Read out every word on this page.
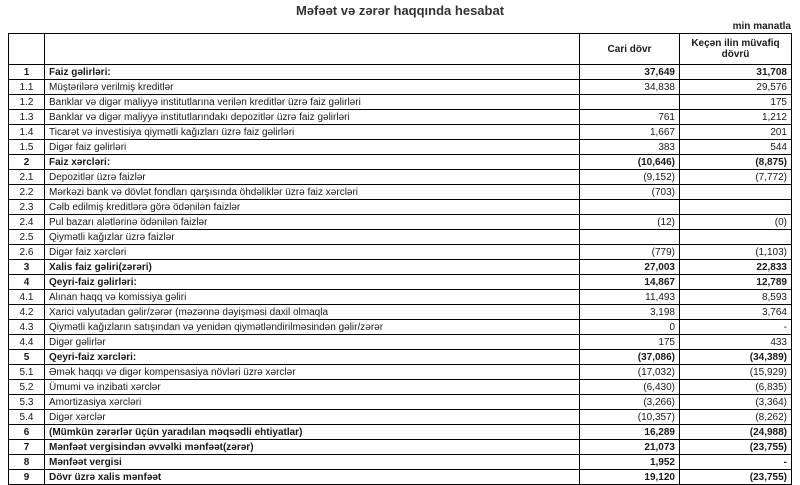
Məfəət və zərər haqqında hesabat
min manatla
		Cari dövr	Keçən ilin müvafiq dövrü
1	Faiz gəlirləri:	37,649	31,708
1.1	Müştərilərə verilmiş kreditlər	34,838	29,576
1.2	Banklar və digər maliyyə institutlarına verilən kreditlər üzrə faiz gəlirləri		175
1.3	Banklar və digər maliyyə institutlarındakı depozitlər üzrə faiz gəlirləri	761	1,212
1.4	Ticarət və investisiya qiymətli kağızları üzrə faiz gəlirləri	1,667	201
1.5	Digər faiz gəlirləri	383	544
2	Faiz xərcləri:	(10,646)	(8,875)
2.1	Depozitlər üzrə faizlər	(9,152)	(7,772)
2.2	Mərkəzi bank və dövlət fondları qarşısında öhdəliklər üzrə faiz xərcləri	(703)	
2.3	Cəlb edilmiş kreditlərə görə ödənilən faizlər		
2.4	Pul bazarı alətlərinə ödənilən faizlər	(12)	(0)
2.5	Qiymətli kağızlar üzrə faizlər		
2.6	Digər faiz xərcləri	(779)	(1,103)
3	Xalis faiz gəliri(zərəri)	27,003	22,833
4	Qeyri-faiz gəlirləri:	14,867	12,789
4.1	Alınan haqq və komissiya gəliri	11,493	8,593
4.2	Xarici valyutadan gəlir/zərər (məzənnə dəyişməsi daxil olmaqla	3,198	3,764
4.3	Qiymətli kağızların satışından və yenidən qiymətləndirilməsindən gəlir/zərər	0	-
4.4	Digər gəlirlər	175	433
5	Qeyri-faiz xərcləri:	(37,086)	(34,389)
5.1	Əmək haqqı və digər kompensasiya növləri üzrə xərclər	(17,032)	(15,929)
5.2	Ümumi və inzibati xərclər	(6,430)	(6,835)
5.3	Amortizasiya xərcləri	(3,266)	(3,364)
5.4	Digər xərclər	(10,357)	(8,262)
6	(Mümkün zərərlər üçün yaradılan məqsədli ehtiyatlar)	16,289	(24,988)
7	Mənfəət vergisindən əvvəlki mənfəət(zərər)	21,073	(23,755)
8	Mənfəət vergisi	1,952	-
9	Dövr üzrə xalis mənfəət	19,120	(23,755)
